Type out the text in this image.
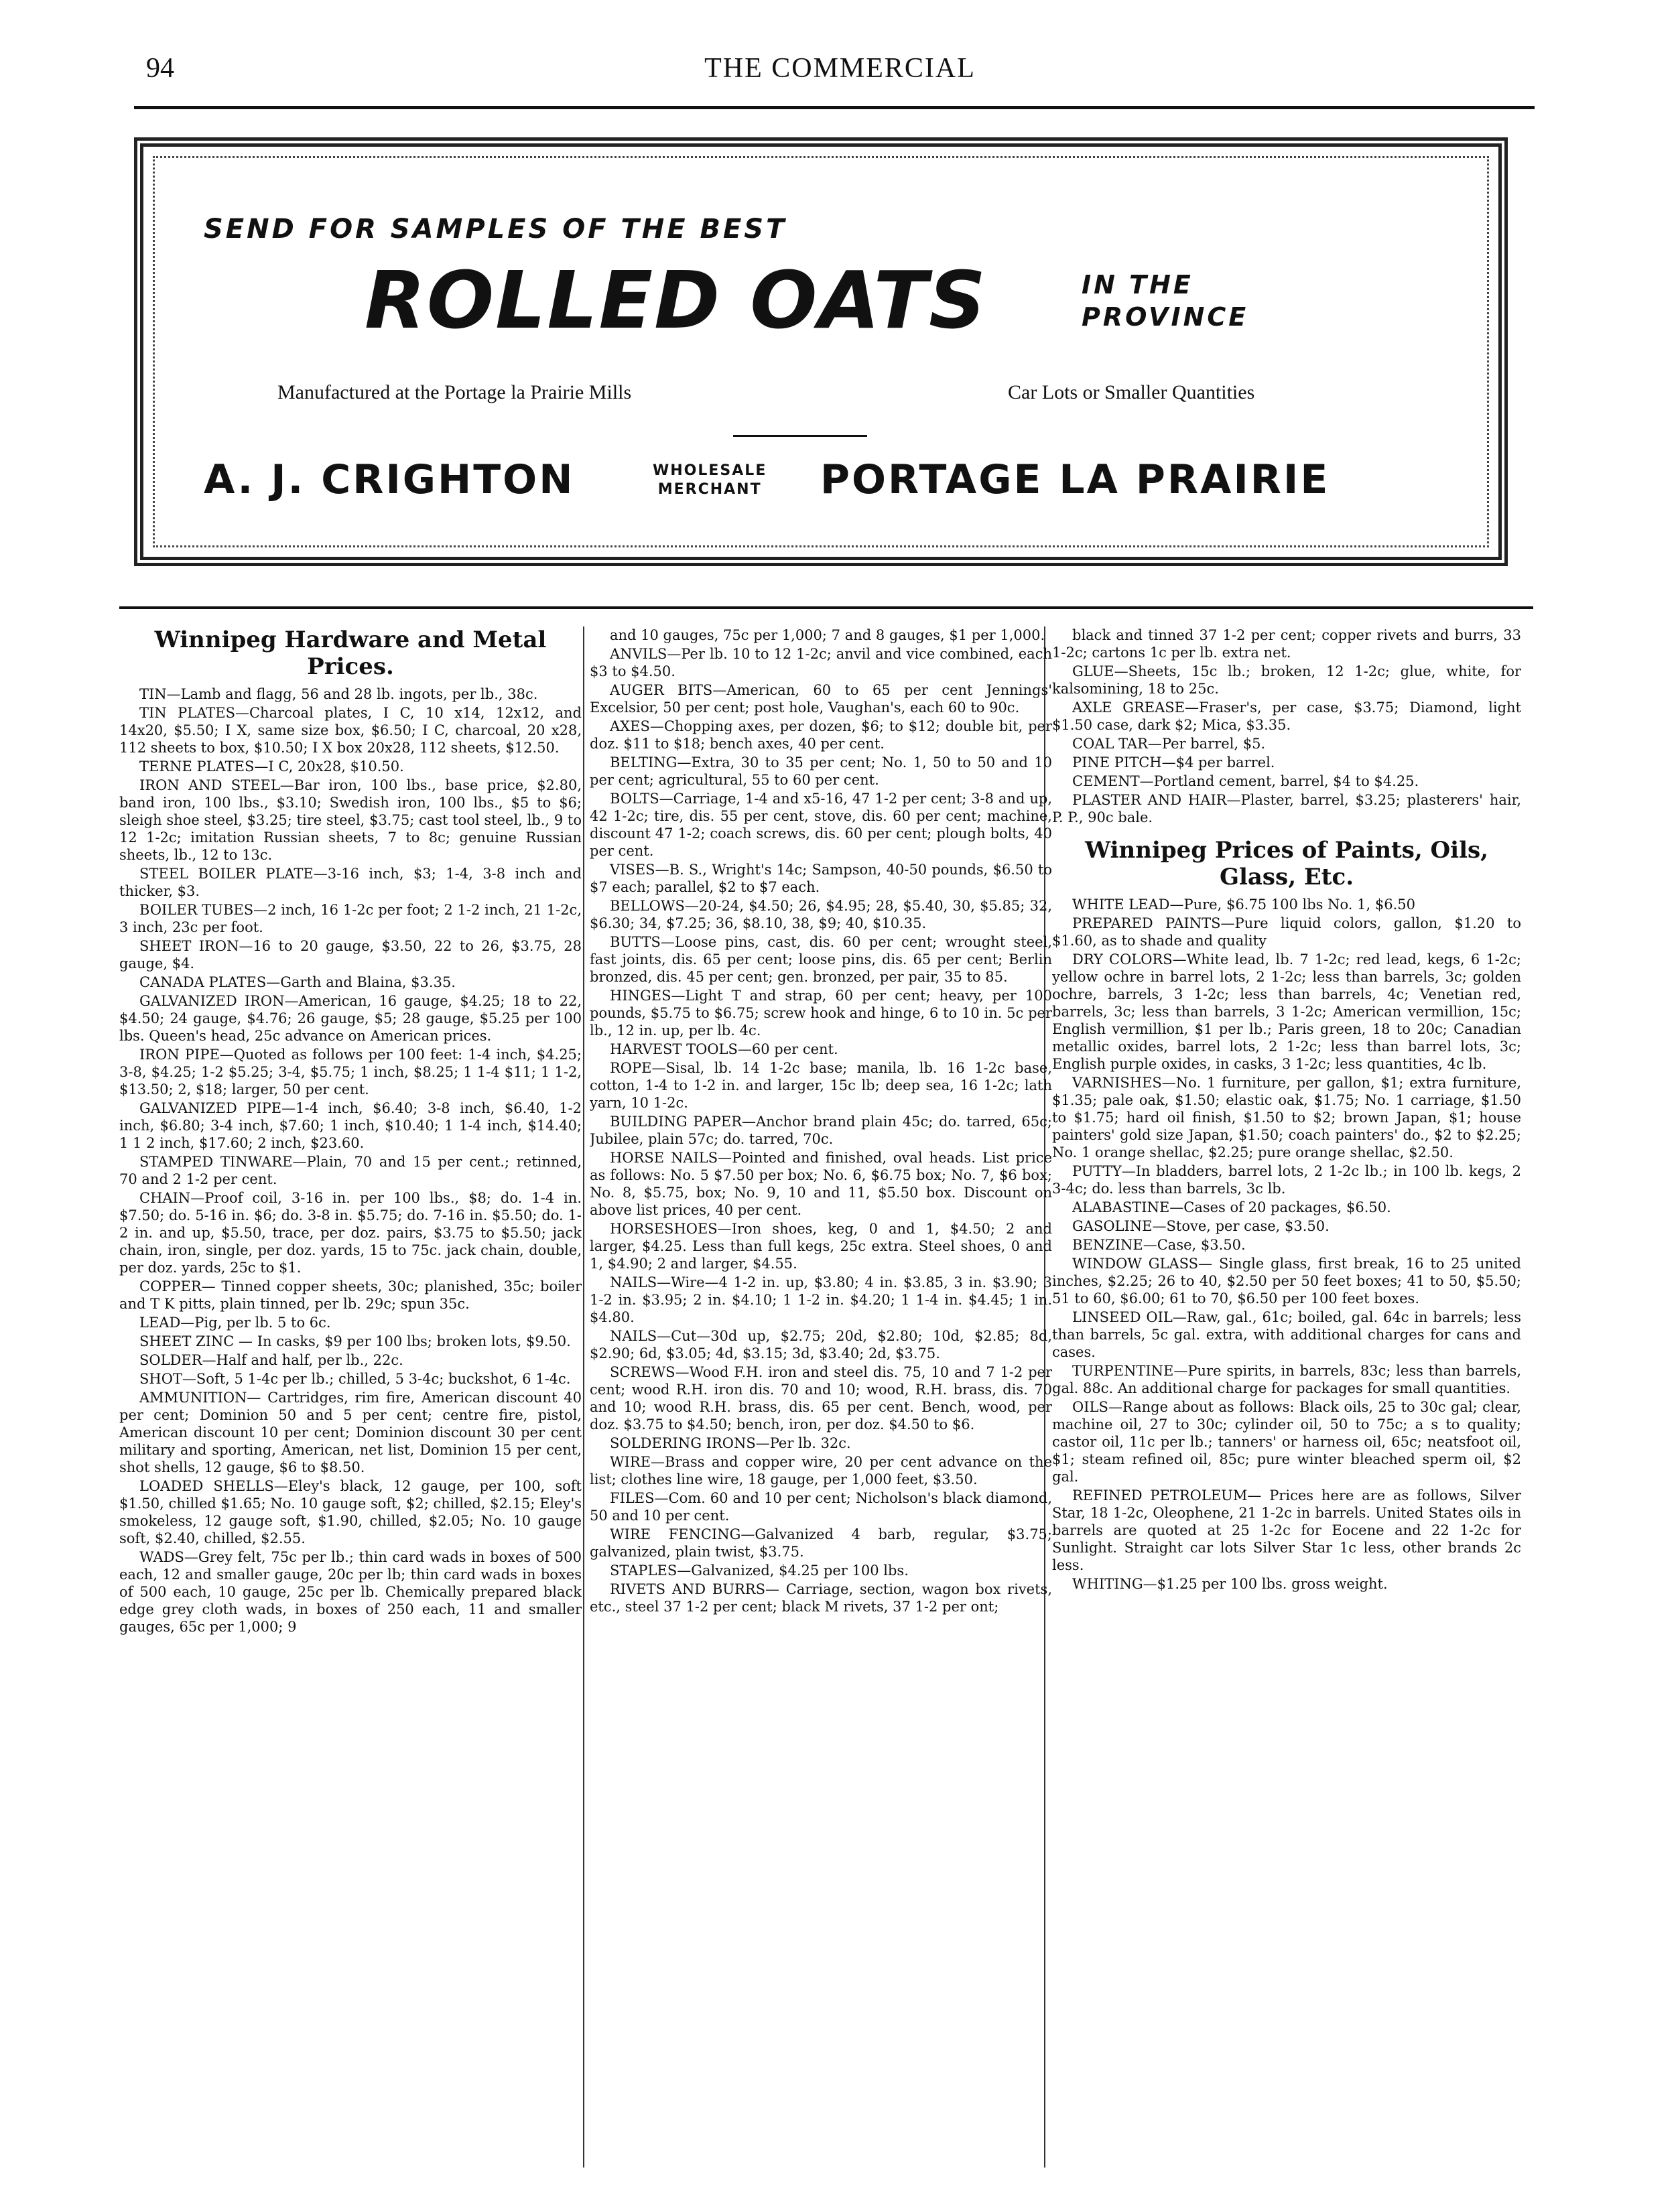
94	THE COMMERCIAL
SEND FOR SAMPLES OF THE BEST
ROLLED OATS	IN THE
PROVINCE
Manufactured at the Portage la Prairie Mills	Car Lots or Smaller Quantities
A. J. CRIGHTON	WHOLESALE
MERCHANT PORTAGE LA PRAIRIE
Winnipeg Hardware and Metal Prices.

TIN—Lamb and flagg, 56 and 28 lb. ingots, per lb., 38c.

TIN PLATES—Charcoal plates, I C, 10 x14, 12x12, and 14x20, $5.50; I X, same size box, $6.50; I C, charcoal, 20 x28, 112 sheets to box, $10.50; I X box 20x28, 112 sheets, $12.50.

TERNE PLATES—I C, 20x28, $10.50.

IRON AND STEEL—Bar iron, 100 lbs., base price, $2.80, band iron, 100 lbs., $3.10; Swedish iron, 100 lbs., $5 to $6; sleigh shoe steel, $3.25; tire steel, $3.75; cast tool steel, lb., 9 to 12 1-2c; imitation Russian sheets, 7 to 8c; genuine Russian sheets, lb., 12 to 13c.

STEEL BOILER PLATE—3-16 inch, $3; 1-4, 3-8 inch and thicker, $3.

BOILER TUBES—2 inch, 16 1-2c per foot; 2 1-2 inch, 21 1-2c, 3 inch, 23c per foot.

SHEET IRON—16 to 20 gauge, $3.50, 22 to 26, $3.75, 28 gauge, $4.

CANADA PLATES—Garth and Blaina, $3.35.

GALVANIZED IRON—American, 16 gauge, $4.25; 18 to 22, $4.50; 24 gauge, $4.76; 26 gauge, $5; 28 gauge, $5.25 per 100 lbs. Queen's head, 25c advance on American prices.

IRON PIPE—Quoted as follows per 100 feet: 1-4 inch, $4.25; 3-8, $4.25; 1-2 $5.25; 3-4, $5.75; 1 inch, $8.25; 1 1-4 $11; 1 1-2, $13.50; 2, $18; larger, 50 per cent.

GALVANIZED PIPE—1-4 inch, $6.40; 3-8 inch, $6.40, 1-2 inch, $6.80; 3-4 inch, $7.60; 1 inch, $10.40; 1 1-4 inch, $14.40; 1 1 2 inch, $17.60; 2 inch, $23.60.

STAMPED TINWARE—Plain, 70 and 15 per cent.; retinned, 70 and 2 1-2 per cent.

CHAIN—Proof coil, 3-16 in. per 100 lbs., $8; do. 1-4 in. $7.50; do. 5-16 in. $6; do. 3-8 in. $5.75; do. 7-16 in. $5.50; do. 1-2 in. and up, $5.50, trace, per doz. pairs, $3.75 to $5.50; jack chain, iron, single, per doz. yards, 15 to 75c. jack chain, double, per doz. yards, 25c to $1.

COPPER— Tinned copper sheets, 30c; planished, 35c; boiler and T K pitts, plain tinned, per lb. 29c; spun 35c.

LEAD—Pig, per lb. 5 to 6c.

SHEET ZINC — In casks, $9 per 100 lbs; broken lots, $9.50.

SOLDER—Half and half, per lb., 22c.

SHOT—Soft, 5 1-4c per lb.; chilled, 5 3-4c; buckshot, 6 1-4c.

AMMUNITION— Cartridges, rim fire, American discount 40 per cent; Dominion 50 and 5 per cent; centre fire, pistol, American discount 10 per cent; Dominion discount 30 per cent military and sporting, American, net list, Dominion 15 per cent, shot shells, 12 gauge, $6 to $8.50.

LOADED SHELLS—Eley's black, 12 gauge, per 100, soft $1.50, chilled $1.65; No. 10 gauge soft, $2; chilled, $2.15; Eley's smokeless, 12 gauge soft, $1.90, chilled, $2.05; No. 10 gauge soft, $2.40, chilled, $2.55.

WADS—Grey felt, 75c per lb.; thin card wads in boxes of 500 each, 12 and smaller gauge, 20c per lb; thin card wads in boxes of 500 each, 10 gauge, 25c per lb. Chemically prepared black edge grey cloth wads, in boxes of 250 each, 11 and smaller gauges, 65c per 1,000; 9

and 10 gauges, 75c per 1,000; 7 and 8 gauges, $1 per 1,000.

ANVILS—Per lb. 10 to 12 1-2c; anvil and vice combined, each $3 to $4.50.

AUGER BITS—American, 60 to 65 per cent Jennings' Excelsior, 50 per cent; post hole, Vaughan's, each 60 to 90c.

AXES—Chopping axes, per dozen, $6; to $12; double bit, per doz. $11 to $18; bench axes, 40 per cent.

BELTING—Extra, 30 to 35 per cent; No. 1, 50 to 50 and 10 per cent; agricultural, 55 to 60 per cent.

BOLTS—Carriage, 1-4 and x5-16, 47 1-2 per cent; 3-8 and up, 42 1-2c; tire, dis. 55 per cent, stove, dis. 60 per cent; machine, discount 47 1-2; coach screws, dis. 60 per cent; plough bolts, 40 per cent.

VISES—B. S., Wright's 14c; Sampson, 40-50 pounds, $6.50 to $7 each; parallel, $2 to $7 each.

BELLOWS—20-24, $4.50; 26, $4.95; 28, $5.40, 30, $5.85; 32, $6.30; 34, $7.25; 36, $8.10, 38, $9; 40, $10.35.

BUTTS—Loose pins, cast, dis. 60 per cent; wrought steel, fast joints, dis. 65 per cent; loose pins, dis. 65 per cent; Berlin bronzed, dis. 45 per cent; gen. bronzed, per pair, 35 to 85.

HINGES—Light T and strap, 60 per cent; heavy, per 100 pounds, $5.75 to $6.75; screw hook and hinge, 6 to 10 in. 5c per lb., 12 in. up, per lb. 4c.

HARVEST TOOLS—60 per cent.

ROPE—Sisal, lb. 14 1-2c base; manila, lb. 16 1-2c base, cotton, 1-4 to 1-2 in. and larger, 15c lb; deep sea, 16 1-2c; lath yarn, 10 1-2c.

BUILDING PAPER—Anchor brand plain 45c; do. tarred, 65c; Jubilee, plain 57c; do. tarred, 70c.

HORSE NAILS—Pointed and finished, oval heads. List price as follows: No. 5 $7.50 per box; No. 6, $6.75 box; No. 7, $6 box; No. 8, $5.75, box; No. 9, 10 and 11, $5.50 box. Discount on above list prices, 40 per cent.

HORSESHOES—Iron shoes, keg, 0 and 1, $4.50; 2 and larger, $4.25. Less than full kegs, 25c extra. Steel shoes, 0 and 1, $4.90; 2 and larger, $4.55.

NAILS—Wire—4 1-2 in. up, $3.80; 4 in. $3.85, 3 in. $3.90; 3 1-2 in. $3.95; 2 in. $4.10; 1 1-2 in. $4.20; 1 1-4 in. $4.45; 1 in. $4.80.

NAILS—Cut—30d up, $2.75; 20d, $2.80; 10d, $2.85; 8d, $2.90; 6d, $3.05; 4d, $3.15; 3d, $3.40; 2d, $3.75.

SCREWS—Wood F.H. iron and steel dis. 75, 10 and 7 1-2 per cent; wood R.H. iron dis. 70 and 10; wood, R.H. brass, dis. 70 and 10; wood R.H. brass, dis. 65 per cent. Bench, wood, per doz. $3.75 to $4.50; bench, iron, per doz. $4.50 to $6.

SOLDERING IRONS—Per lb. 32c.

WIRE—Brass and copper wire, 20 per cent advance on the list; clothes line wire, 18 gauge, per 1,000 feet, $3.50.

FILES—Com. 60 and 10 per cent; Nicholson's black diamond, 50 and 10 per cent.

WIRE FENCING—Galvanized 4 barb, regular, $3.75; galvanized, plain twist, $3.75.

STAPLES—Galvanized, $4.25 per 100 lbs.

RIVETS AND BURRS— Carriage, section, wagon box rivets, etc., steel 37 1-2 per cent; black M rivets, 37 1-2 per ont;

black and tinned 37 1-2 per cent; copper rivets and burrs, 33 1-2c; cartons 1c per lb. extra net.

GLUE—Sheets, 15c lb.; broken, 12 1-2c; glue, white, for kalsomining, 18 to 25c.

AXLE GREASE—Fraser's, per case, $3.75; Diamond, light $1.50 case, dark $2; Mica, $3.35.

COAL TAR—Per barrel, $5.

PINE PITCH—$4 per barrel.

CEMENT—Portland cement, barrel, $4 to $4.25.

PLASTER AND HAIR—Plaster, barrel, $3.25; plasterers' hair, P. P., 90c bale.

Winnipeg Prices of Paints, Oils, Glass, Etc.

WHITE LEAD—Pure, $6.75 100 lbs No. 1, $6.50

PREPARED PAINTS—Pure liquid colors, gallon, $1.20 to $1.60, as to shade and quality

DRY COLORS—White lead, lb. 7 1-2c; red lead, kegs, 6 1-2c; yellow ochre in barrel lots, 2 1-2c; less than barrels, 3c; golden ochre, barrels, 3 1-2c; less than barrels, 4c; Venetian red, barrels, 3c; less than barrels, 3 1-2c; American vermillion, 15c; English vermillion, $1 per lb.; Paris green, 18 to 20c; Canadian metallic oxides, barrel lots, 2 1-2c; less than barrel lots, 3c; English purple oxides, in casks, 3 1-2c; less quantities, 4c lb.

VARNISHES—No. 1 furniture, per gallon, $1; extra furniture, $1.35; pale oak, $1.50; elastic oak, $1.75; No. 1 carriage, $1.50 to $1.75; hard oil finish, $1.50 to $2; brown Japan, $1; house painters' gold size Japan, $1.50; coach painters' do., $2 to $2.25; No. 1 orange shellac, $2.25; pure orange shellac, $2.50.

PUTTY—In bladders, barrel lots, 2 1-2c lb.; in 100 lb. kegs, 2 3-4c; do. less than barrels, 3c lb.

ALABASTINE—Cases of 20 packages, $6.50.

GASOLINE—Stove, per case, $3.50.

BENZINE—Case, $3.50.

WINDOW GLASS— Single glass, first break, 16 to 25 united inches, $2.25; 26 to 40, $2.50 per 50 feet boxes; 41 to 50, $5.50; 51 to 60, $6.00; 61 to 70, $6.50 per 100 feet boxes.

LINSEED OIL—Raw, gal., 61c; boiled, gal. 64c in barrels; less than barrels, 5c gal. extra, with additional charges for cans and cases.

TURPENTINE—Pure spirits, in barrels, 83c; less than barrels, gal. 88c. An additional charge for packages for small quantities.

OILS—Range about as follows: Black oils, 25 to 30c gal; clear, machine oil, 27 to 30c; cylinder oil, 50 to 75c; a s to quality; castor oil, 11c per lb.; tanners' or harness oil, 65c; neatsfoot oil, $1; steam refined oil, 85c; pure winter bleached sperm oil, $2 gal.

REFINED PETROLEUM— Prices here are as follows, Silver Star, 18 1-2c, Oleophene, 21 1-2c in barrels. United States oils in barrels are quoted at 25 1-2c for Eocene and 22 1-2c for Sunlight. Straight car lots Silver Star 1c less, other brands 2c less.

WHITING—$1.25 per 100 lbs. gross weight.
